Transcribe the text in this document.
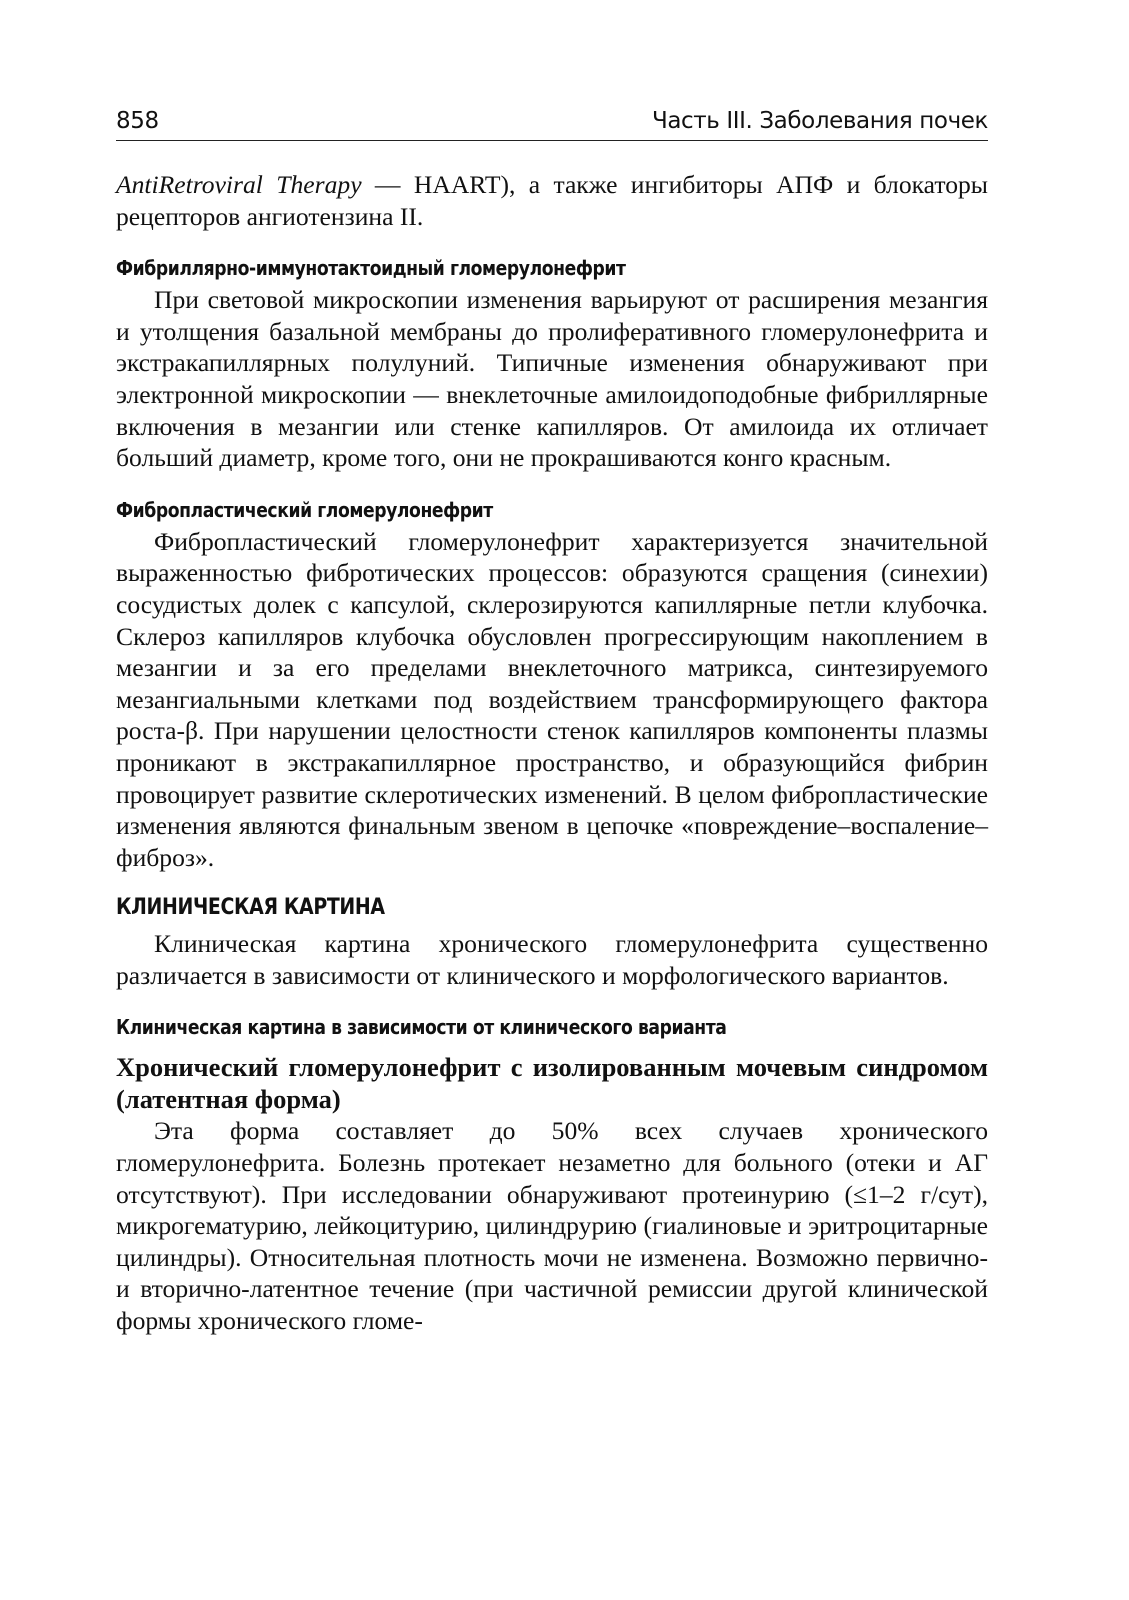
858	Часть III. Заболевания почек

AntiRetroviral Therapy — HAART), а также ингибиторы АПФ и блокаторы рецепторов ангиотензина II.

Фибриллярно-иммунотактоидный гломерулонефрит

При световой микроскопии изменения варьируют от расширения мезангия и утолщения базальной мембраны до пролиферативного гломерулонефрита и экстракапиллярных полулуний. Типичные изменения обнаруживают при электронной микроскопии — внеклеточные амилоидоподобные фибриллярные включения в мезангии или стенке капилляров. От амилоида их отличает больший диаметр, кроме того, они не прокрашиваются конго красным.

Фибропластический гломерулонефрит

Фибропластический гломерулонефрит характеризуется значительной выраженностью фибротических процессов: образуются сращения (синехии) сосудистых долек с капсулой, склерозируются капиллярные петли клубочка. Склероз капилляров клубочка обусловлен прогрессирующим накоплением в мезангии и за его пределами внеклеточного матрикса, синтезируемого мезангиальными клетками под воздействием трансформирующего фактора роста-β. При нарушении целостности стенок капилляров компоненты плазмы проникают в экстракапиллярное пространство, и образующийся фибрин провоцирует развитие склеротических изменений. В целом фибропластические изменения являются финальным звеном в цепочке «повреждение–воспаление–фиброз».

КЛИНИЧЕСКАЯ КАРТИНА

Клиническая картина хронического гломерулонефрита существенно различается в зависимости от клинического и морфологического вариантов.

Клиническая картина в зависимости от клинического варианта
Хронический гломерулонефрит с изолированным мочевым синдромом (латентная форма)

Эта форма составляет до 50% всех случаев хронического гломерулонефрита. Болезнь протекает незаметно для больного (отеки и АГ отсутствуют). При исследовании обнаруживают протеинурию (≤1–2 г/сут), микрогематурию, лейкоцитурию, цилиндрурию (гиалиновые и эритроцитарные цилиндры). Относительная плотность мочи не изменена. Возможно первично- и вторично-латентное течение (при частичной ремиссии другой клинической формы хронического гломе-
